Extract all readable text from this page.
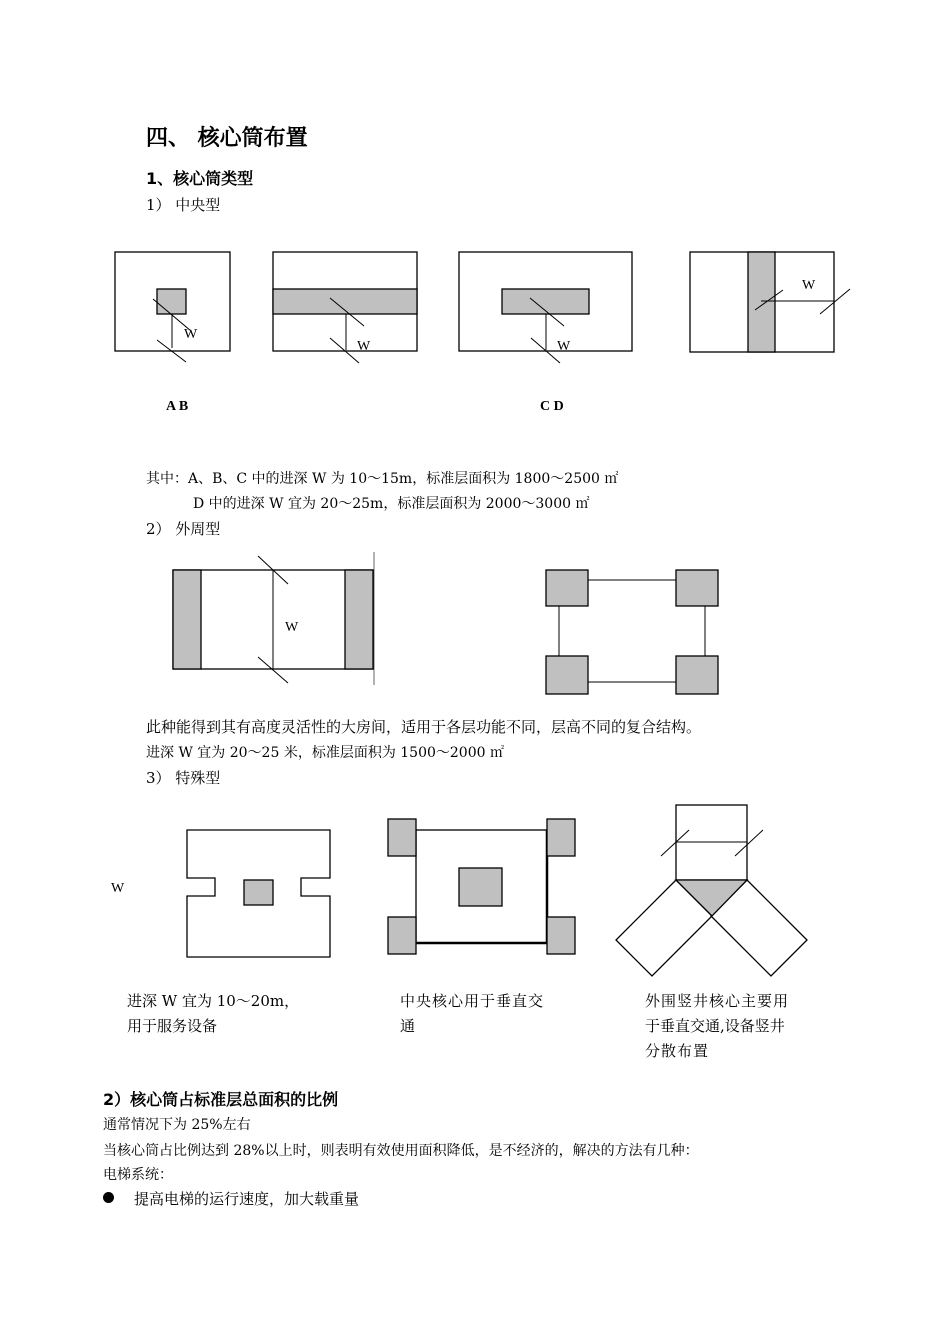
四、 核心筒布置

1、核心筒类型

1） 中央型

W
W	W
W

A B	C D

其中：A、B、C 中的进深 W 为 10～15m，标准层面积为 1800～2500 ㎡

D 中的进深 W 宜为 20～25m，标准层面积为 2000～3000 ㎡

2） 外周型

W

此种能得到其有高度灵活性的大房间，适用于各层功能不同，层高不同的复合结构。

进深 W 宜为 20～25 米，标准层面积为 1500～2000 ㎡

3） 特殊型

W

进深 W 宜为 10～20m，

用于服务设备

中央核心用于垂直交

通

外围竖井核心主要用

于垂直交通,设备竖井

分散布置

2）核心筒占标准层总面积的比例

通常情况下为 25%左右

当核心筒占比例达到 28%以上时，则表明有效使用面积降低，是不经济的，解决的方法有几种：

电梯系统：

提高电梯的运行速度，加大载重量
